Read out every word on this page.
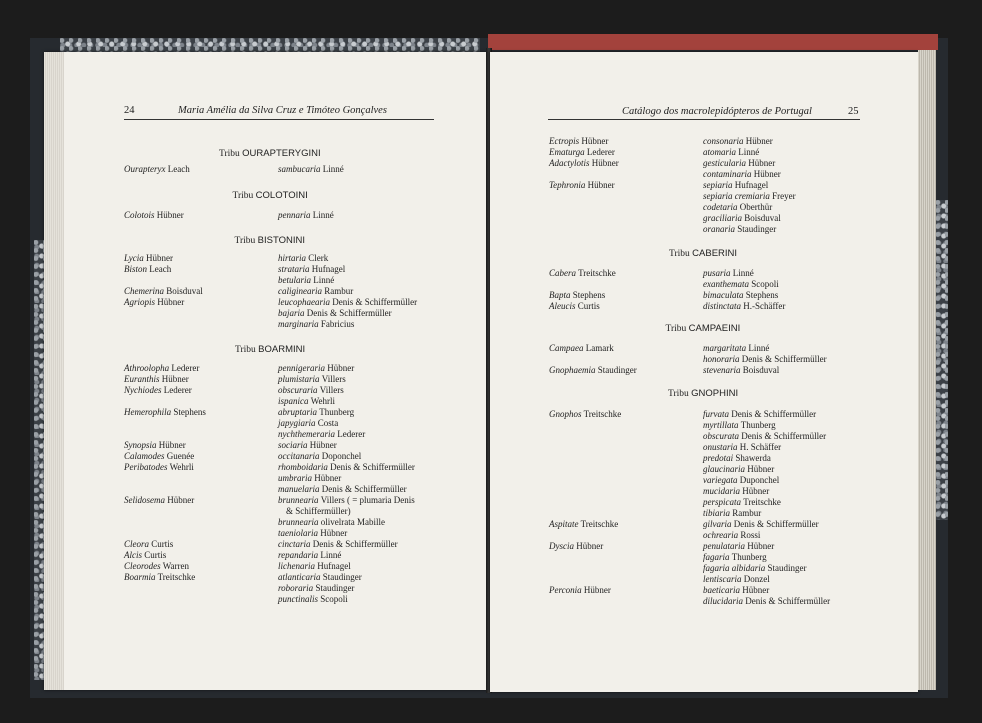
24	Maria Amélia da Silva Cruz e Timóteo Gonçalves	Catálogo dos macrolepidópteros de Portugal	25
Tribu OURAPTERYGINI
Ourapteryx Leach	sambucaria Linné
Tribu COLOTOINI
Colotois Hübner	pennaria Linné
Tribu BISTONINI
Lycia Hübner	hirtaria Clerk
Biston Leach	strataria Hufnagel
betularia Linné
Chemerina Boisduval	caliginearia Rambur
Agriopis Hübner	leucophaearia Denis & Schiffermüller
bajaria Denis & Schiffermüller
marginaria Fabricius
Tribu BOARMINI
Athroolopha Lederer	pennigeraria Hübner
Euranthis Hübner	plumistaria Villers
Nychiodes Lederer	obscuraria Villers
ispanica Wehrli
Hemerophila Stephens	abruptaria Thunberg
japygiaria Costa
nychthemeraria Lederer
Synopsia Hübner	sociaria Hübner
Calamodes Guenée	occitanaria Doponchel
Peribatodes Wehrli	rhomboidaria Denis & Schiffermüller
umbraria Hübner
manuelaria Denis & Schiffermüller
Selidosema Hübner	brunnearia Villers ( = plumaria Denis
& Schiffermüller)
brunnearia olivelrata Mabille
taeniolaria Hübner
Cleora Curtis	cinctaria Denis & Schiffermüller
Alcis Curtis	repandaria Linné
Cleorodes Warren	lichenaria Hufnagel
Boarmia Treitschke	atlanticaria Staudinger
roboraria Staudinger
punctinalis Scopoli
Ectropis Hübner	consonaria Hübner
Ematurga Lederer	atomaria Linné
Adactylotis Hübner	gesticularia Hübner
contaminaria Hübner
Tephronia Hübner	sepiaria Hufnagel
sepiaria cremiaria Freyer
codetaria Oberthür
graciliaria Boisduval
oranaria Staudinger
Tribu CABERINI
Cabera Treitschke	pusaria Linné
exanthemata Scopoli
Bapta Stephens	bimaculata Stephens
Aleucis Curtis	distinctata H.-Schäffer
Tribu CAMPAEINI
Campaea Lamark	margaritata Linné
honoraria Denis & Schiffermüller
Gnophaemia Staudinger	stevenaria Boisduval
Tribu GNOPHINI
Gnophos Treitschke	furvata Denis & Schiffermüller
myrtillata Thunberg
obscurata Denis & Schiffermüller
onustaria H. Schäffer
predotai Shawerda
glaucinaria Hübner
variegata Duponchel
mucidaria Hübner
perspicata Treitschke
tibiaria Rambur
Aspitate Treitschke	gilvaria Denis & Schiffermüller
ochrearia Rossi
Dyscia Hübner	penulataria Hübner
fagaria Thunberg
fagaria albidaria Staudinger
lentiscaria Donzel
Perconia Hübner	baeticaria Hübner
dilucidaria Denis & Schiffermüller
